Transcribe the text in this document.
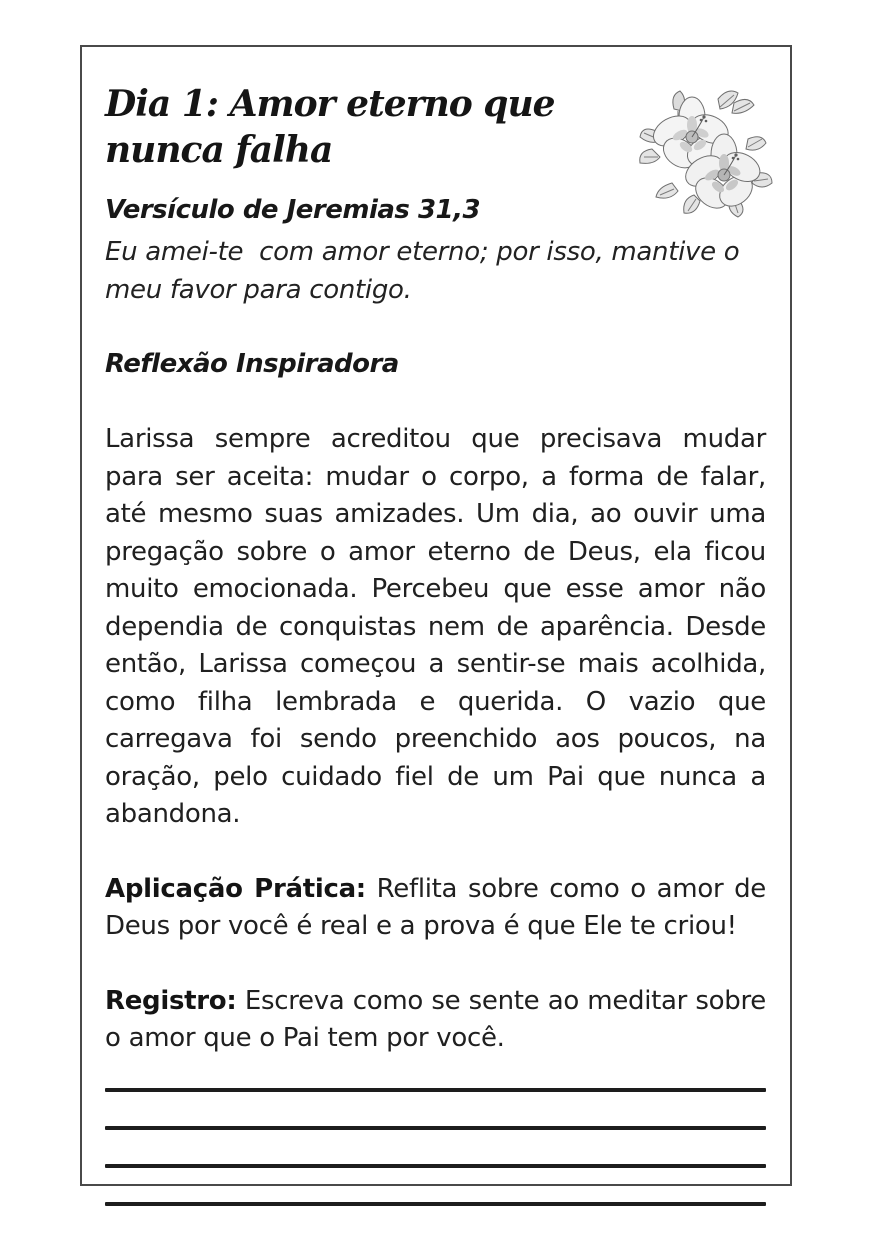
Dia 1: Amor eterno que nunca falha
Versículo de Jeremias 31,3
Eu amei-te  com amor eterno; por isso, mantive o meu favor para contigo.
Reflexão Inspiradora
Larissa sempre acreditou que precisava mudar para ser aceita: mudar o corpo, a forma de falar, até mesmo suas amizades. Um dia, ao ouvir uma pregação sobre o amor eterno de Deus, ela ficou muito emocionada. Percebeu que esse amor não dependia de conquistas nem de aparência. Desde então, Larissa começou a sentir-se mais acolhida, como filha lembrada e querida. O vazio que carregava foi sendo preenchido aos poucos, na oração, pelo cuidado fiel de um Pai que nunca a abandona.
Aplicação Prática: Reflita sobre como o amor de Deus por você é real e a prova é que Ele te criou!
Registro: Escreva como se sente ao meditar sobre o amor que o Pai tem por você.
